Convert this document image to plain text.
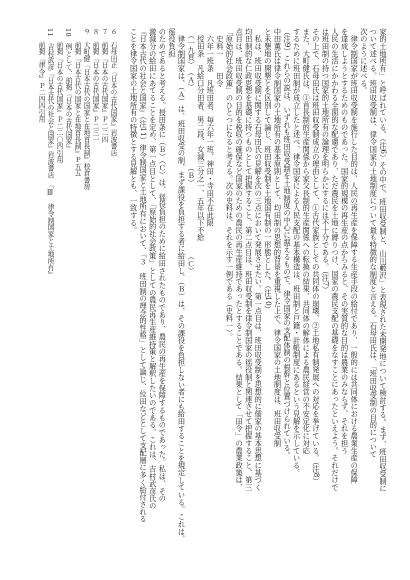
家的土地所有」と呼ばれている。（注6）その中で、班田収受制と、山川藪沢」と表現された未開発地について検討する。まず、班田収受制に
ついて述べる。班田収受制は、律令国家の土地制度について最も特徴的な制度と言える。石母田氏は、「班田収受制の目的について
次のように述べる。
　律令制国家が班田収受制を施行した目的は、人民の再生産を保障する生産手段の給付であり、一般的には共同体における農業生産の保障
を達成しようとするためのものであった。国家的規模の再生産の点からみると、その実質的な目的は農業のみならず、それを担う
人民の生活にかかわる全面的な配慮であり、ただ農民を土地に縛りつけ、国家の農民支配の基礎をなすことにあったといえよう。それだけで
は班田制の持つ国家的土地所有の論理を明らかにするには不十分である。（注7）
その上で、石母田氏は班田収受制成立の理由として、①古代家族としての共同体の崩壊、②土地私有制発展への対応を挙げている。（注8）
また、大町健氏は、①首長制的生産関係から家父長制的生産関係への転換の結果、共同体の解体による農民経営の不安定化に対応
するために班田制が成立したと述べ、律令国家による人民支配の基本構造は、班田制と戸籍・計帳制度にあるという見解を示している。
（注9）これらの説は、いずれも班田収受制を土地制度の中心に据えるもので、律令国家の支配体制の根幹と位置づけられている。
中田薫氏は律令制国家の土地所有の基本原則として、均田制の思想的背景を重視した上で、律令国家の土地制度は、班田収受制
と未墾地の開墾とを区別して論じ、班田収受制を土地国有制の一形態とした。（注10）
　私は、班田収受制に関する石母田氏の見解を次の三点において発展させたい。第一点目は、班田収受制を思想的に儒家の基本思想に基づく
均田制的な仁政思想を基礎に持つものとして把握すること、第二点目は、班田収受制を律令制国家の徭役制と関連させて把握すること、第三
点目は、班田収受制の目的を税収の確保など国家のための農民の再生産維持であったとすることである。結果として「田令」の農業政策は、
「原始的社会政策」のひとつになると考える。次の史料は、それを示す一例である（史料一）。
　史料一　　田令
　六年一班条　凡班田者、毎六年一班、神田・寺田不在此限
　授田条　凡給口分田者、男二段、女減三分之一、五年以下不給
　（一九頁）　（Ａ）　　　　　　　　　　　（Ｂ）　　　　　　　　　　（Ｃ）
　律令制国家は、（Ａ）は、班田収受の制、まず課役を負担する者に給田し、（Ｂ）は、その課役を負担しない者にも給田することを規定している。これは、徭役負担
のためであると考える。授田条に（Ｂ）（Ｃ）は、徭役負担のために給田されたものであり、農民の再生産を保障するものであった。私は、その
激減分の給田にあてることを定め、第一点目として、「原始的社会政策」としての農民再生産維持策と解釈したいのである。これは、吉村武彦氏の
『日本古代の社会と国家』（注11）律令制国家と土地所有において、「３　班田制の理念的性格」として論じ、位田などとして支配層に多く給付される
ことを律令国家の土地所有の特徴とする見解とも、一致する。
６　石母田正『日本の古代国家』岩波書店
７　前掲『日本の古代国家』Ｐ二二四
８　前掲『日本の古代国家』Ｐ二三一
９　大町健『日本古代の国家と在地首長制』校倉書房
　　前掲『日本古代の国家と在地首長制』Ｐ五五
10　例として、前掲『日本の古代国家』
　　前掲『日本の古代国家』Ｐ二二〇四引用
11　吉村武彦『日本古代の社会と国家』岩波書店　『Ⅲ　律令制国家と土地所有』
　　前掲『律令』Ｐ二四四引用
